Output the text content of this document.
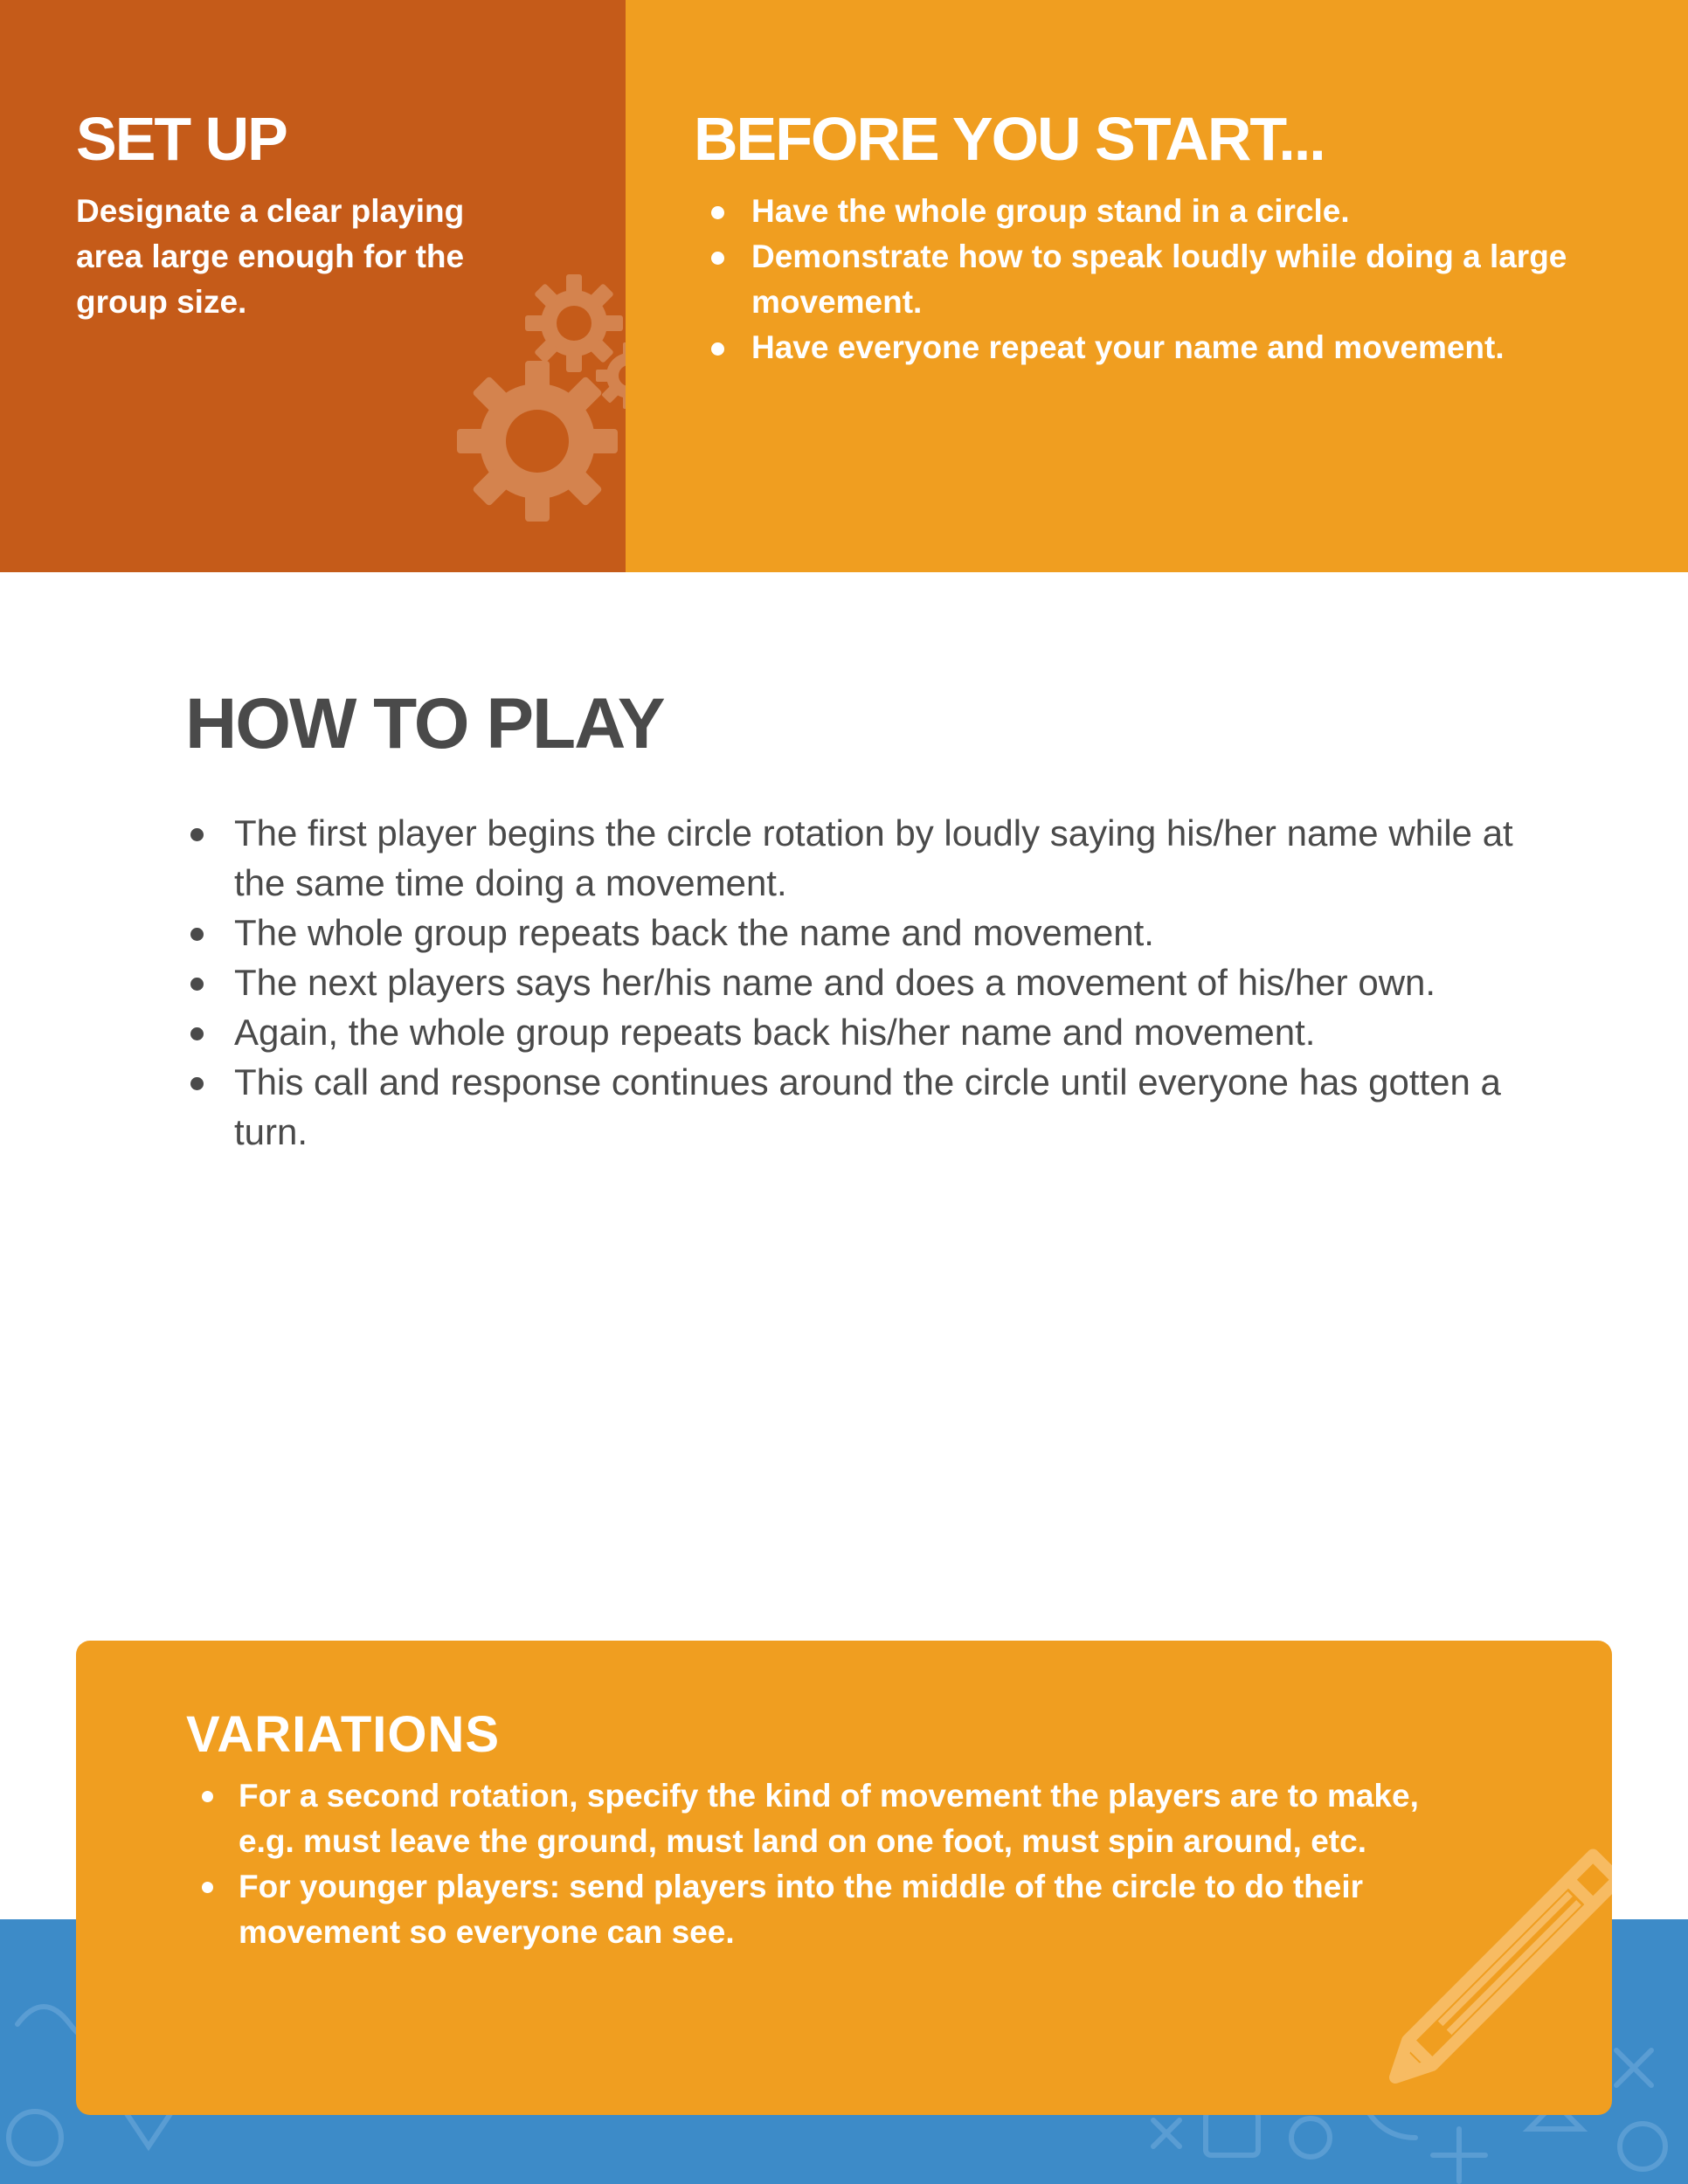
SET UP

Designate a clear playing area large enough for the group size.

BEFORE YOU START...
Have the whole group stand in a circle.
Demonstrate how to speak loudly while doing a large movement.
Have everyone repeat your name and movement.
HOW TO PLAY
The first player begins the circle rotation by loudly saying his/her name while at the same time doing a movement.
The whole group repeats back the name and movement.
The next players says her/his name and does a movement of his/her own.
Again, the whole group repeats back his/her name and movement.
This call and response continues around the circle until everyone has gotten a turn.
VARIATIONS
For a second rotation, specify the kind of movement the players are to make, e.g. must leave the ground, must land on one foot, must spin around, etc.
For younger players: send players into the middle of the circle to do their movement so everyone can see.
